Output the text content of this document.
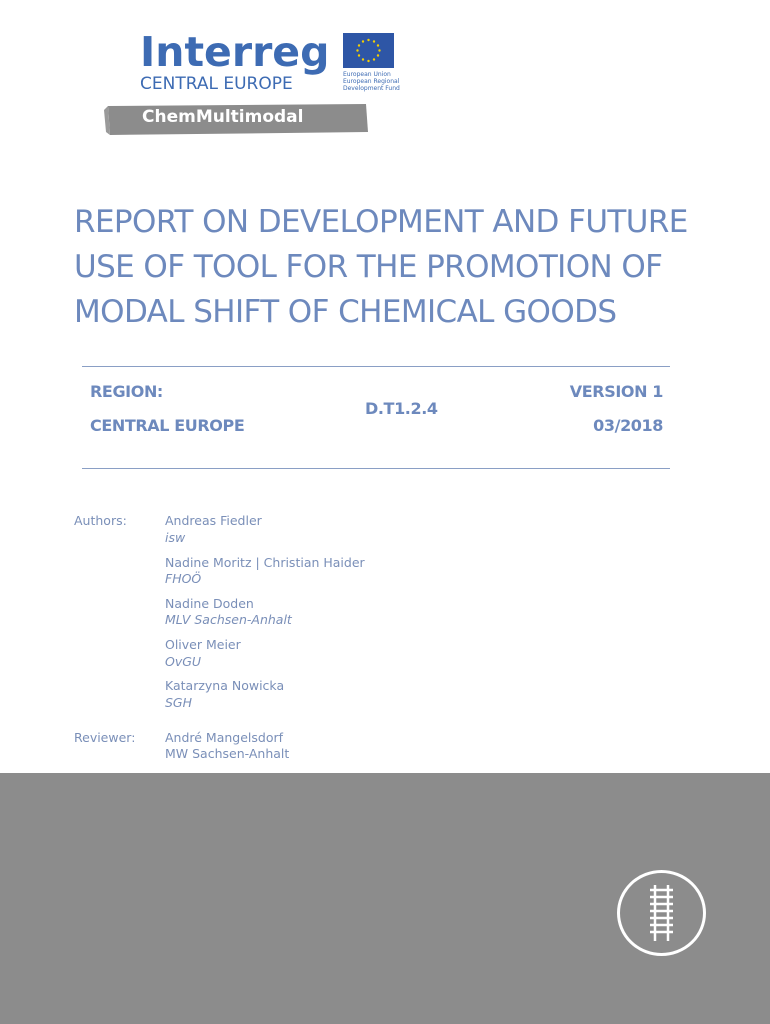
Interreg
CENTRAL EUROPE	European Union
European Regional
Development Fund
ChemMultimodal
REPORT ON DEVELOPMENT AND FUTURE
USE OF TOOL FOR THE PROMOTION OF
MODAL SHIFT OF CHEMICAL GOODS
REGION:
CENTRAL EUROPE
D.T1.2.4
VERSION 1
03/2018
Authors:	Andreas Fiedler
isw
Nadine Moritz | Christian Haider
FHOÖ
Nadine Doden
MLV Sachsen-Anhalt
Oliver Meier
OvGU
Katarzyna Nowicka
SGH
Reviewer: André Mangelsdorf
MW Sachsen-Anhalt
